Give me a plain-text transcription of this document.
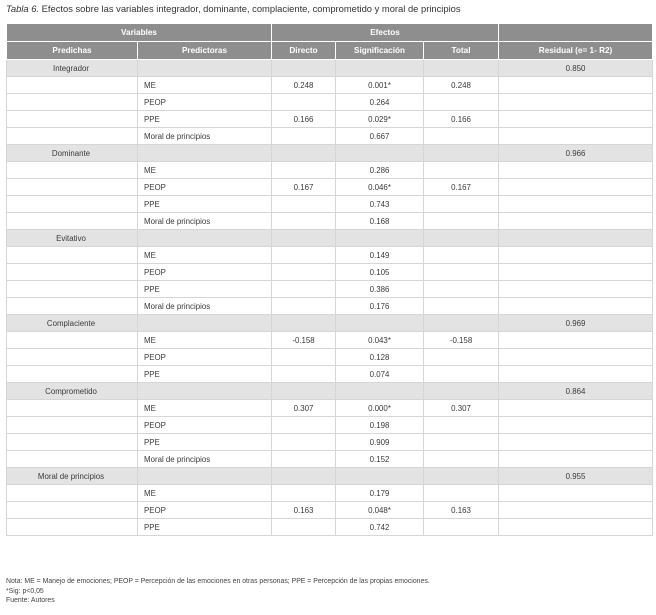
Tabla 6. Efectos sobre las variables integrador, dominante, complaciente, comprometido y moral de principios
Variables		Efectos			
Predichas	Predictoras	Directo	Significación	Total	Residual (e= 1- R2)
Integrador					0.850
	ME	0.248	0.001*	0.248	
	PEOP		0.264		
	PPE	0.166	0.029*	0.166	
	Moral de principios		0.667		
Dominante					0.966
	ME		0.286		
	PEOP	0.167	0.046*	0.167	
	PPE		0.743		
	Moral de principios		0.168		
Evitativo					
	ME		0.149		
	PEOP		0.105		
	PPE		0.386		
	Moral de principios		0.176		
Complaciente					0.969
	ME	-0.158	0.043*	-0.158	
	PEOP		0.128		
	PPE		0.074		
Comprometido					0.864
	ME	0.307	0.000*	0.307	
	PEOP		0.198		
	PPE		0.909		
	Moral de principios		0.152		
Moral de principios					0.955
	ME		0.179		
	PEOP	0.163	0.048*	0.163	
	PPE		0.742		
Nota: ME = Manejo de emociones; PEOP = Percepción de las emociones en otras personas; PPE = Percepción de las propias emociones.
*Sig: p<0,05
Fuente: Autores
